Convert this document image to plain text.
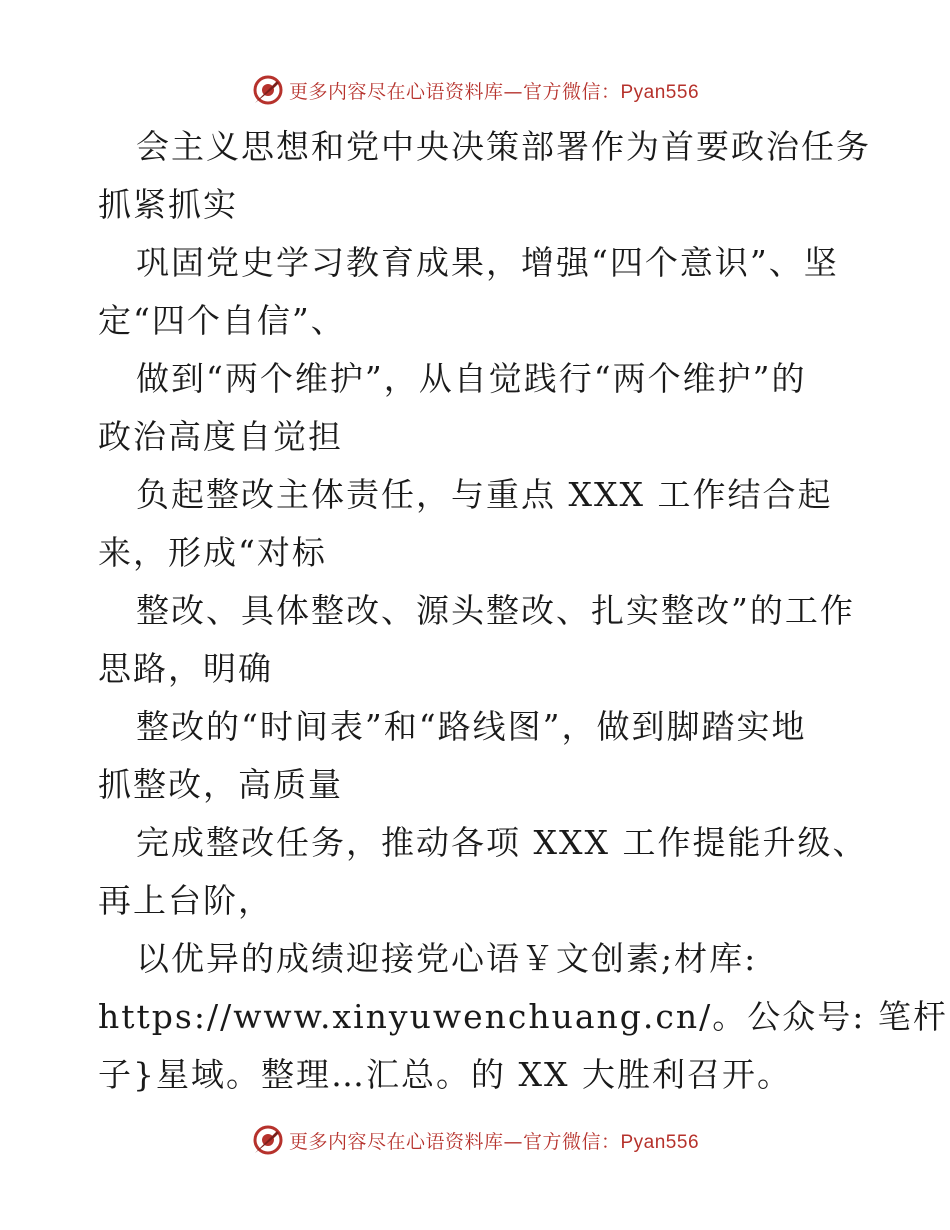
更多内容尽在心语资料库—官方微信：Pyan556
会主义思想和党中央决策部署作为首要政治任务
抓紧抓实
巩固党史学习教育成果，增强“四个意识”、坚
定“四个自信”、
做到“两个维护”，从自觉践行“两个维护”的
政治高度自觉担
负起整改主体责任，与重点 XXX 工作结合起
来，形成“对标
整改、具体整改、源头整改、扎实整改”的工作
思路，明确
整改的“时间表”和“路线图”，做到脚踏实地
抓整改，高质量
完成整改任务，推动各项 XXX 工作提能升级、
再上台阶，
以优异的成绩迎接党心语￥文创素;材库:
https://www.xinyuwenchuang.cn/。公众号: 笔杆
子}星域。整理…汇总。的 XX 大胜利召开。
更多内容尽在心语资料库—官方微信：Pyan556
